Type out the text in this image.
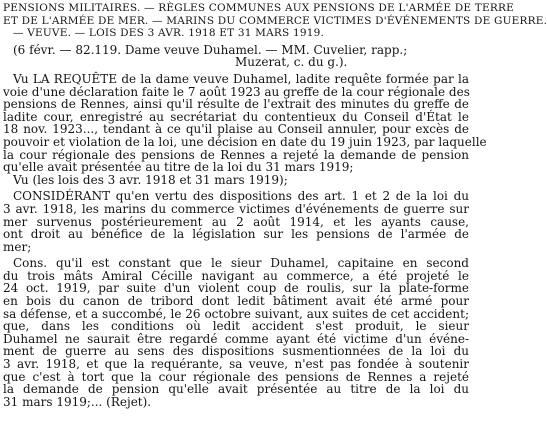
PENSIONS MILITAIRES. — RÈGLES COMMUNES AUX PENSIONS DE L'ARMÉE DE TERRE
ET DE L'ARMÉE DE MER. — MARINS DU COMMERCE VICTIMES D'ÉVÉNEMENTS DE GUERRE.
— VEUVE. — LOIS DES 3 AVR. 1918 ET 31 MARS 1919.
(6 févr. — 82.119. Dame veuve Duhamel. — MM. Cuvelier, rapp.;
Muzerat, c. du g.).
Vu LA REQUÊTE de la dame veuve Duhamel, ladite requête formée par la
voie d'une déclaration faite le 7 août 1923 au greffe de la cour régionale des
pensions de Rennes, ainsi qu'il résulte de l'extrait des minutes du greffe de
ladite cour, enregistré au secrétariat du contentieux du Conseil d'État le
18 nov. 1923..., tendant à ce qu'il plaise au Conseil annuler, pour excès de
pouvoir et violation de la loi, une décision en date du 19 juin 1923, par laquelle
la cour régionale des pensions de Rennes a rejeté la demande de pension
qu'elle avait présentée au titre de la loi du 31 mars 1919;
Vu (les lois des 3 avr. 1918 et 31 mars 1919);
CONSIDÉRANT qu'en vertu des dispositions des art. 1 et 2 de la loi du
3 avr. 1918, les marins du commerce victimes d'événements de guerre sur
mer survenus postérieurement au 2 août 1914, et les ayants cause,
ont droit au bénéfice de la législation sur les pensions de l'armée de
mer;
Cons. qu'il est constant que le sieur Duhamel, capitaine en second
du trois mâts Amiral Cécille navigant au commerce, a été projeté le
24 oct. 1919, par suite d'un violent coup de roulis, sur la plate-forme
en bois du canon de tribord dont ledit bâtiment avait été armé pour
sa défense, et a succombé, le 26 octobre suivant, aux suites de cet accident;
que, dans les conditions où ledit accident s'est produit, le sieur
Duhamel ne saurait être regardé comme ayant été victime d'un événe-
ment de guerre au sens des dispositions susmentionnées de la loi du
3 avr. 1918, et que la requérante, sa veuve, n'est pas fondée à soutenir
que c'est à tort que la cour régionale des pensions de Rennes a rejeté
la demande de pension qu'elle avait présentée au titre de la loi du
31 mars 1919;... (Rejet).
